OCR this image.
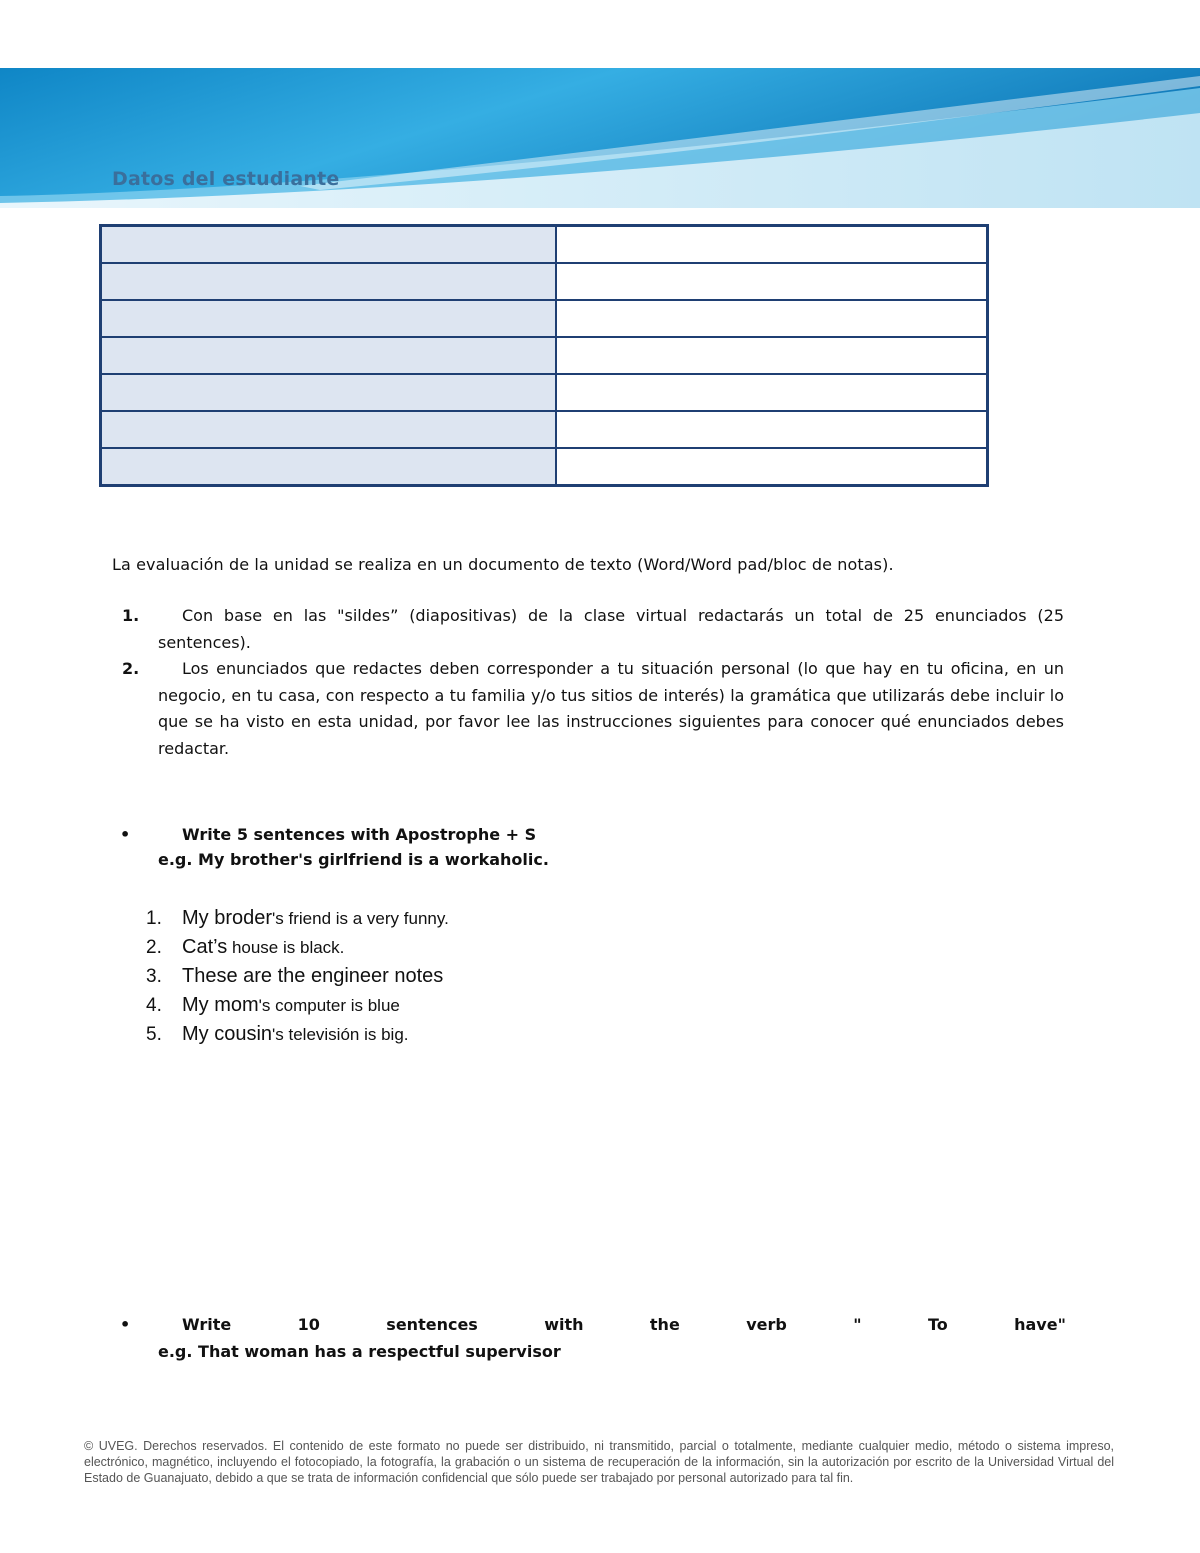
Datos del estudiante

La evaluación de la unidad se realiza en un documento de texto (Word/Word pad/bloc de notas).
1.	Con base en las "sildes” (diapositivas) de la clase virtual redactarás un total de 25 enunciados (25 sentences).
2.	Los enunciados que redactes deben corresponder a tu situación personal (lo que hay en tu oficina, en un negocio, en tu casa, con respecto a tu familia y/o tus sitios de interés) la gramática que utilizarás debe incluir lo que se ha visto en esta unidad, por favor lee las instrucciones siguientes para conocer qué enunciados debes redactar.
•	Write 5 sentences with Apostrophe + S
e.g. My brother's girlfriend is a workaholic.
1. My broder's friend is a very funny.
2. Cat’s house is black.
3. These are the engineer notes
4. My mom's computer is blue
5. My cousin's televisión is big.
•	Write	10	sentences	with	the	verb	"	To	have"
e.g. That woman has a respectful supervisor
© UVEG. Derechos reservados. El contenido de este formato no puede ser distribuido, ni transmitido, parcial o totalmente, mediante cualquier medio, método o sistema impreso, electrónico, magnético, incluyendo el fotocopiado, la fotografía, la grabación o un sistema de recuperación de la información, sin la autorización por escrito de la Universidad Virtual del Estado de Guanajuato, debido a que se trata de información confidencial que sólo puede ser trabajado por personal autorizado para tal fin.
